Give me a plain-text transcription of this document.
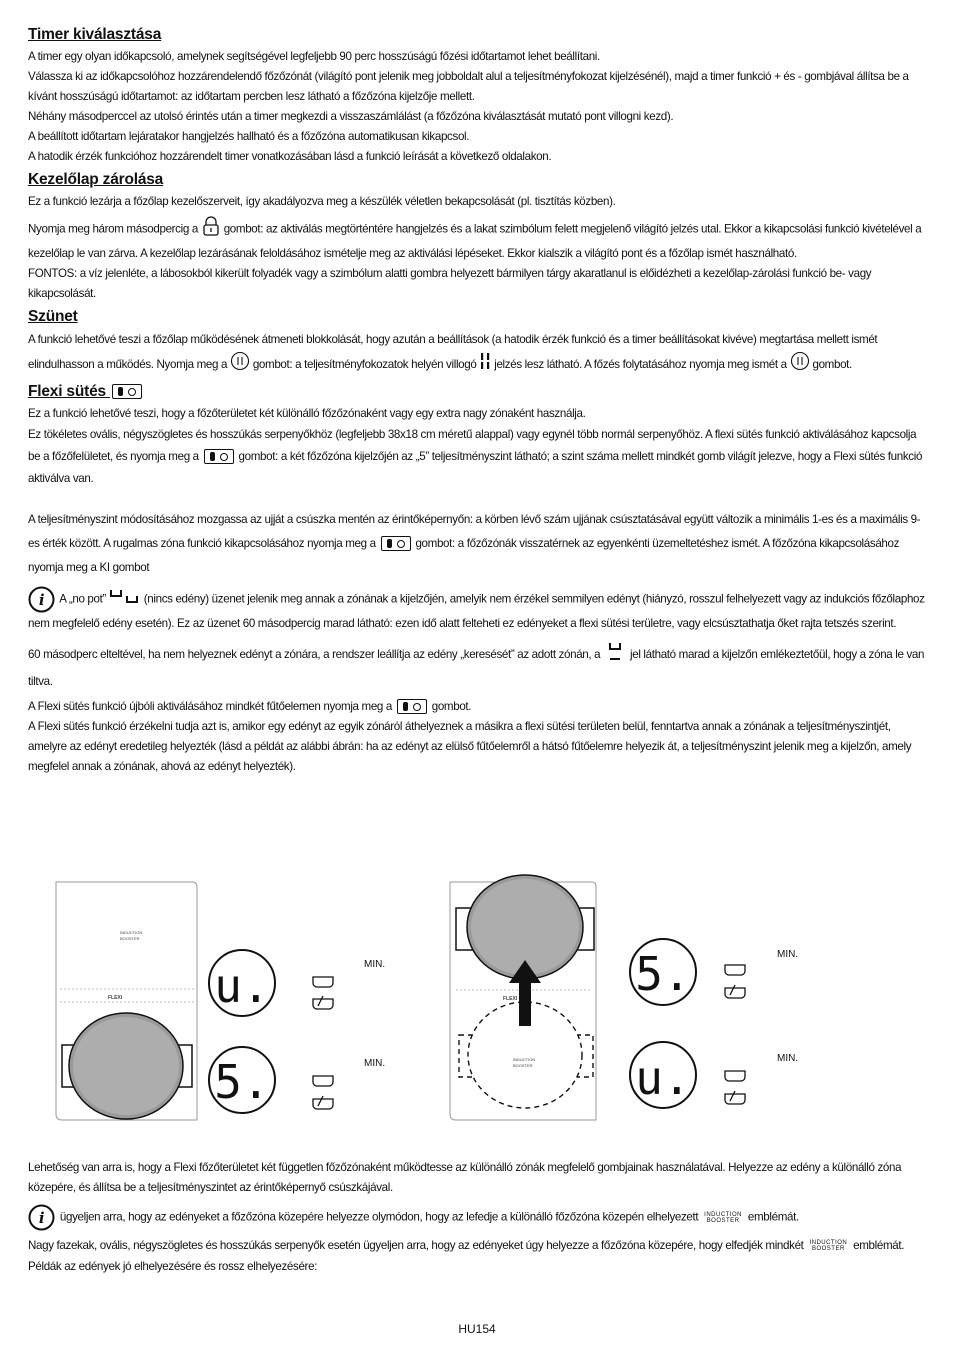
Timer kiválasztása

A timer egy olyan időkapcsoló, amelynek segítségével legfeljebb 90 perc hosszúságú főzési időtartamot lehet beállítani.

Válassza ki az időkapcsolóhoz hozzárendelendő főzőzónát (világító pont jelenik meg jobboldalt alul a teljesítményfokozat kijelzésénél), majd a timer funkció + és - gombjával állítsa be a kívánt hosszúságú időtartamot: az időtartam percben lesz látható a főzőzóna kijelzője mellett.

Néhány másodperccel az utolsó érintés után a timer megkezdi a visszaszámlálást (a főzőzóna kiválasztását mutató pont villogni kezd).

A beállított időtartam lejáratakor hangjelzés hallható és a főzőzóna automatikusan kikapcsol.

A hatodik érzék funkcióhoz hozzárendelt timer vonatkozásában lásd a funkció leírását a következő oldalakon.

Kezelőlap zárolása

Ez a funkció lezárja a főzőlap kezelőszerveit, így akadályozva meg a készülék véletlen bekapcsolását (pl. tisztítás közben).

Nyomja meg három másodpercig a gombot: az aktiválás megtörténtére hangjelzés és a lakat szimbólum felett megjelenő világító jelzés utal. Ekkor a kikapcsolási funkció kivételével a kezelőlap le van zárva. A kezelőlap lezárásának feloldásához ismételje meg az aktiválási lépéseket. Ekkor kialszik a világító pont és a főzőlap ismét használható.

FONTOS: a víz jelenléte, a lábosokból kikerült folyadék vagy a szimbólum alatti gombra helyezett bármilyen tárgy akaratlanul is előidézheti a kezelőlap-zárolási funkció be- vagy kikapcsolását.

Szünet

A funkció lehetővé teszi a főzőlap működésének átmeneti blokkolását, hogy azután a beállítások (a hatodik érzék funkció és a timer beállításokat kivéve) megtartása mellett ismét elindulhasson a működés. Nyomja meg a gombot: a teljesítményfokozatok helyén villogó jelzés lesz látható. A főzés folytatásához nyomja meg ismét a gombot.

Flexi sütés

Ez a funkció lehetővé teszi, hogy a főzőterületet két különálló főzőzónaként vagy egy extra nagy zónaként használja.

Ez tökéletes ovális, négyszögletes és hosszúkás serpenyőkhöz (legfeljebb 38x18 cm méretű alappal) vagy egynél több normál serpenyőhöz. A flexi sütés funkció aktiválásához kapcsolja be a főzőfelületet, és nyomja meg a	gombot: a két főzőzóna kijelzőjén az „5” teljesítményszint látható; a szint száma mellett mindkét gomb világít jelezve, hogy a Flexi sütés funkció aktiválva van.

A teljesítményszint módosításához mozgassa az ujját a csúszka mentén az érintőképernyőn: a körben lévő szám ujjának csúsztatásával együtt változik a minimális 1-es és a maximális 9-es érték között. A rugalmas zóna funkció kikapcsolásához nyomja meg a	gombot: a főzőzónák visszatérnek az egyenkénti üzemeltetéshez ismét. A főzőzóna kikapcsolásához nyomja meg a KI gombot

i A „no pot”	(nincs edény) üzenet jelenik meg annak a zónának a kijelzőjén, amelyik nem érzékel semmilyen edényt (hiányzó, rosszul felhelyezett vagy az indukciós főzőlaphoz nem megfelelő edény esetén). Ez az üzenet 60 másodpercig marad látható: ezen idő alatt felteheti ez edényeket a flexi sütési területre, vagy elcsúsztathatja őket rajta tetszés szerint.

60 másodperc elteltével, ha nem helyeznek edényt a zónára, a rendszer leállítja az edény „keresését” az adott zónán, a	jel látható marad a kijelzőn emlékeztetőül, hogy a zóna le van tiltva.

A Flexi sütés funkció újbóli aktiválásához mindkét fűtőelemen nyomja meg a	gombot.

A Flexi sütés funkció érzékelni tudja azt is, amikor egy edényt az egyik zónáról áthelyeznek a másikra a flexi sütési területen belül, fenntartva annak a zónának a teljesítményszintjét, amelyre az edényt eredetileg helyezték (lásd a példát az alábbi ábrán: ha az edényt az elülső fűtőelemről a hátsó fűtőelemre helyezik át, a teljesítményszint jelenik meg a kijelzőn, amely megfelel annak a zónának, ahová az edényt helyezték).

INDUCTION
BOOSTER
FLEXI u.
5.
MIN.
MIN.
FLEXI
INDUCTION
BOOSTER
5.
u.
MIN.
MIN.

Lehetőség van arra is, hogy a Flexi főzőterületet két független főzőzónaként működtesse az különálló zónák megfelelő gombjainak használatával. Helyezze az edény a különálló zóna közepére, és állítsa be a teljesítményszintet az érintőképernyő csúszkájával.

i ügyeljen arra, hogy az edényeket a főzőzóna közepére helyezze olymódon, hogy az lefedje a különálló főzőzóna közepén elhelyezett INDUCTION
BOOSTER emblémát.

Nagy fazekak, ovális, négyszögletes és hosszúkás serpenyők esetén ügyeljen arra, hogy az edényeket úgy helyezze a főzőzóna közepére, hogy elfedjék mindkét INDUCTION
BOOSTER emblémát.

Példák az edények jó elhelyezésére és rossz elhelyezésére:

HU154
